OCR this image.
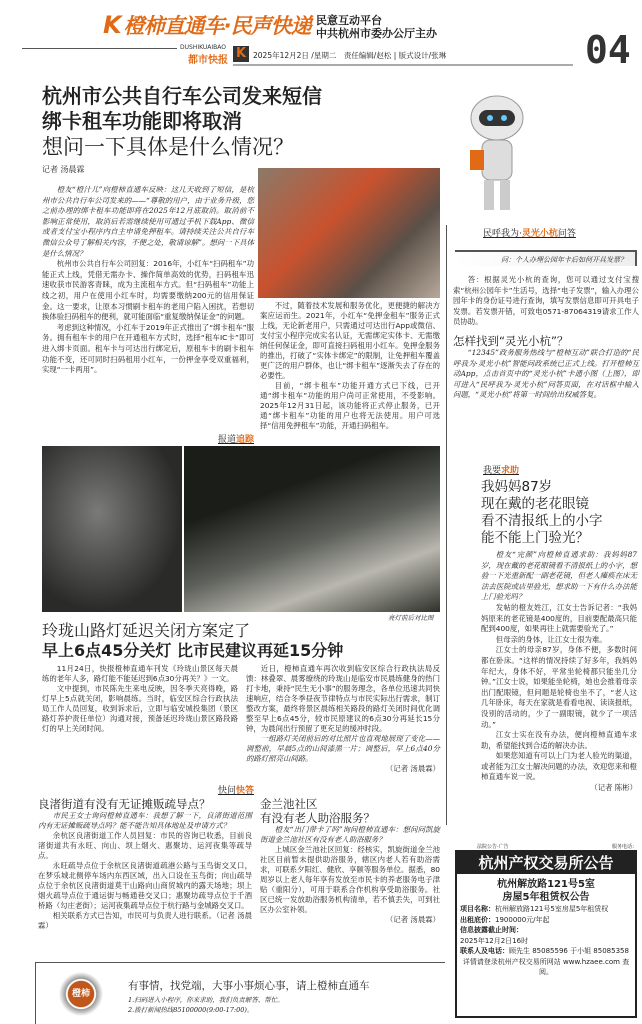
K 橙柿直通车·民声快递 民意互动平台
中共杭州市委办公厅主办	04
DUSHIKUAIBAO
都市快报 K 2025年12月2日 /星期二　责任编辑/赵松 | 版式设计/张琳
杭州市公共自行车公司发来短信
绑卡租车功能即将取消
想问一下具体是什么情况？
记者 汤晨霖

橙友“橙汁儿”向橙柿直通车反映：这几天收到了短信，是杭州市公共自行车公司发来的——“尊敬的用户，由于业务升级，您之前办理的绑卡租车功能即将在2025年12月底取消。取消前不影响正常使用，取消后若需继续使用可通过手机下载App、微信或者支付宝小程序内自主申请免押租车。请持续关注公共自行车微信公众号了解相关内容，不便之处，敬请谅解”。想问一下具体是什么情况？

杭州市公共自行车公司回复：2016年，小红车“扫码租车”功能正式上线，凭借无需办卡、操作简单高效的优势，扫码租车迅速收获市民游客青睐，成为主流租车方式。但“扫码租车”功能上线之初，用户在使用小红车时，均需要缴纳200元的信用保证金。这一要求，让原本习惯刷卡租车的老用户陷入困扰，若想切换体验扫码租车的便利，就可能面临“重复缴纳保证金”的问题。

考虑到这种情况，小红车于2019年正式推出了“绑卡租车”服务。拥有租车卡的用户在开通租车方式时，选择“租车IC卡”即可进入绑卡页面。租车卡与可达出行绑定后，原租车卡的刷卡租车功能不变，还可同时扫码租用小红车，一份押金享受双重福利，实现“一卡两用”。

不过，随着技术发展和服务优化，更便捷的解决方案应运而生。2021年，小红车“免押金租车”服务正式上线，无论新老用户，只需通过可达出行App或微信、支付宝小程序完成实名认证，无需绑定实体卡、无需缴纳任何保证金，即可直接扫码租用小红车。免押金服务的推出，打破了“实体卡绑定”的限制，让免押租车覆盖更广泛的用户群体，也让“绑卡租车”逐渐失去了存在的必要性。

目前，“绑卡租车”功能开通方式已下线，已开通“绑卡租车”功能的用户尚可正常使用，不受影响。2025年12月31日起，该功能将正式停止服务，已开通“绑卡租车”功能的用户也将无法使用。用户可选择“信用免押租车”功能，开通扫码租车。

民呼我为·灵光小杭问答
问：个人办理公园年卡后如何开具发票？

答：根据灵光小杭的查询，您可以通过支付宝搜索“杭州公园年卡”生活号，选择“电子发票”，输入办理公园年卡的身份证号进行查询，填写发票信息即可开具电子发票。若发票开错，可致电0571-87064319请求工作人员协助。

怎样找到“灵光小杭”？

“12345”政务服务热线与“橙柿互动”联合打造的“民呼我为·灵光小杭”智能问政系统已正式上线。打开橙柿互动App，点击首页中的“灵光小杭”卡通小图（上图），即可进入“民呼我为·灵光小杭”问答页面，在对话框中输入问题，“灵光小杭”将第一时间给出权威答复。

我要求助
我妈妈87岁
现在戴的老花眼镜
看不清报纸上的小字
能不能上门验光？

橙友“完颜”向橙柿直通求助：我妈妈87岁，现在戴的老花眼镜看不清报纸上的小字，想验一下光重新配一副老花镜，但老人瘫痪在床无法去医院或店里验光，想求助一下有什么办法能上门验光吗？

发帖的橙友姓江，江女士告诉记者：“我妈妈原来的老花镜是400度的，目前要配最高只能配到400度，如果再往上就需要验光了。”

但母亲的身体，让江女士很为难。

江女士的母亲87岁，身体不便，多数时间都在卧床。“这样的情况持续了好多年，我妈妈年纪大，身体不好，平常坐轮椅都只能坐几分钟。”江女士说，如果能坐轮椅，她也会推着母亲出门配眼镜，但问题是轮椅也坐不了，“老人这几年卧床，每天在家就是看看电视、读读报纸，没别的活动的，少了一副眼镜，就少了一项活动。”

江女士实在没有办法，便向橙柿直通车求助，希望能找到合适的解决办法。

如果您知道有可以上门为老人验光的渠道，或者能为江女士解决问题的办法，欢迎您来和橙柿直通车说一说。

（记者 陈彬）

报道追踪
亮灯前后对比图
玲珑山路灯延迟关闭方案定了
早上6点45分关灯 比市民建议再延15分钟

11月24日，快报橙柿直通车刊发《玲珑山景区每天晨练的老年人多，路灯能不能延迟到6点30分再关？》一文。

文中提到，市民陈先生来电反映，因冬季天亮得晚，路灯早上5点就关闭，影响晨练。当时，临安区综合行政执法局工作人员回复，收到诉求后，立即与临安城投集团（景区路灯养护责任单位）沟通对接，预备延迟玲珑山景区路段路灯的早上关闭时间。

近日，橙柿直通车再次收到临安区综合行政执法局反馈：林叠翠、晨雾缭绕的玲珑山是临安市民晨练健身的热门打卡地，秉持“民生无小事”的服务理念，各单位迅速共同快速响应，结合冬季昼夜节律特点与市民实际出行需求，制订整改方案，最终将景区晨练相关路段的路灯关闭时间优化调整至早上6点45分，较市民原建议的6点30分再延长15分钟，为晨间出行预留了更充足的缓冲时段。

一组路灯关闭前后的对比照片也直观地展现了变化——调整前，早晨5点的山间漆黑一片；调整后，早上6点40分的路灯照亮山间路。

（记者 汤晨霖）

快问快答
良渚街道有没有无证摊贩疏导点？

市民王女士询问橙柿直通车：我想了解一下，良渚街道范围内有无证摊贩疏导点吗？能不能告知具体地址及申请方式？

余杭区良渚街道工作人员回复：市民的咨询已收悉，目前良渚街道共有永旺、向山、坝上烟火、惠聚坊、运河夜集等疏导点。

永旺疏导点位于余杭区良渚街道疏港公路与玉鸟街交叉口，在梦乐城北侧停车场内东西区域，出入口设在玉鸟街；向山疏导点位于余杭区良渚街道莫干山路向山商贸城内的露天场地；坝上烟火疏导点位于通运街与畅通巷交叉口；惠聚坊疏导点位于千酒桥路（勾庄老街）；运河夜集疏导点位于杭行路与金城路交叉口。

相关联系方式已告知，市民可与负责人进行联系。（记者 汤晨霖）

金兰池社区
有没有老人助浴服务？

橙友“出门带卡了吗”询问橙柿直通车：想问问凯旋街道金兰池社区有没有老人助浴服务？

上城区金兰池社区回复：经核实，凯旋街道金兰池社区目前暂未提供助浴服务，辖区内老人若有助浴需求，可联系夕阳红、健欣、享颐等服务单位。据悉，80周岁以上老人每年享有发放至市民卡的养老服务电子津贴（重阳分），可用于联系合作机构享受助浴服务。社区已统一发放助浴服务机构清单，若不慎丢失，可到社区办公室补领。

（记者 汤晨霖）

法院公告·广告	服务电话：
杭州产权交易所公告
杭州解放路121号5室
房屋5年租赁权公告
项目名称：杭州解放路121号5室房屋5年租赁权
出租底价：1900000元/年起
信息披露截止时间：
2025年12月2日16时
联系人及电话：顾先生 85085596 于小姐 85085358
详情请登录杭州产权交易所网站 www.hzaee.com 查阅。
橙柿
有事情，找党端，大事小事烦心事，请上橙柿直通车
1.扫码进入小程序，你来求助，我们负责解答、帮忙。
2.拨打新闻热线85100000(9:00-17:00)。
